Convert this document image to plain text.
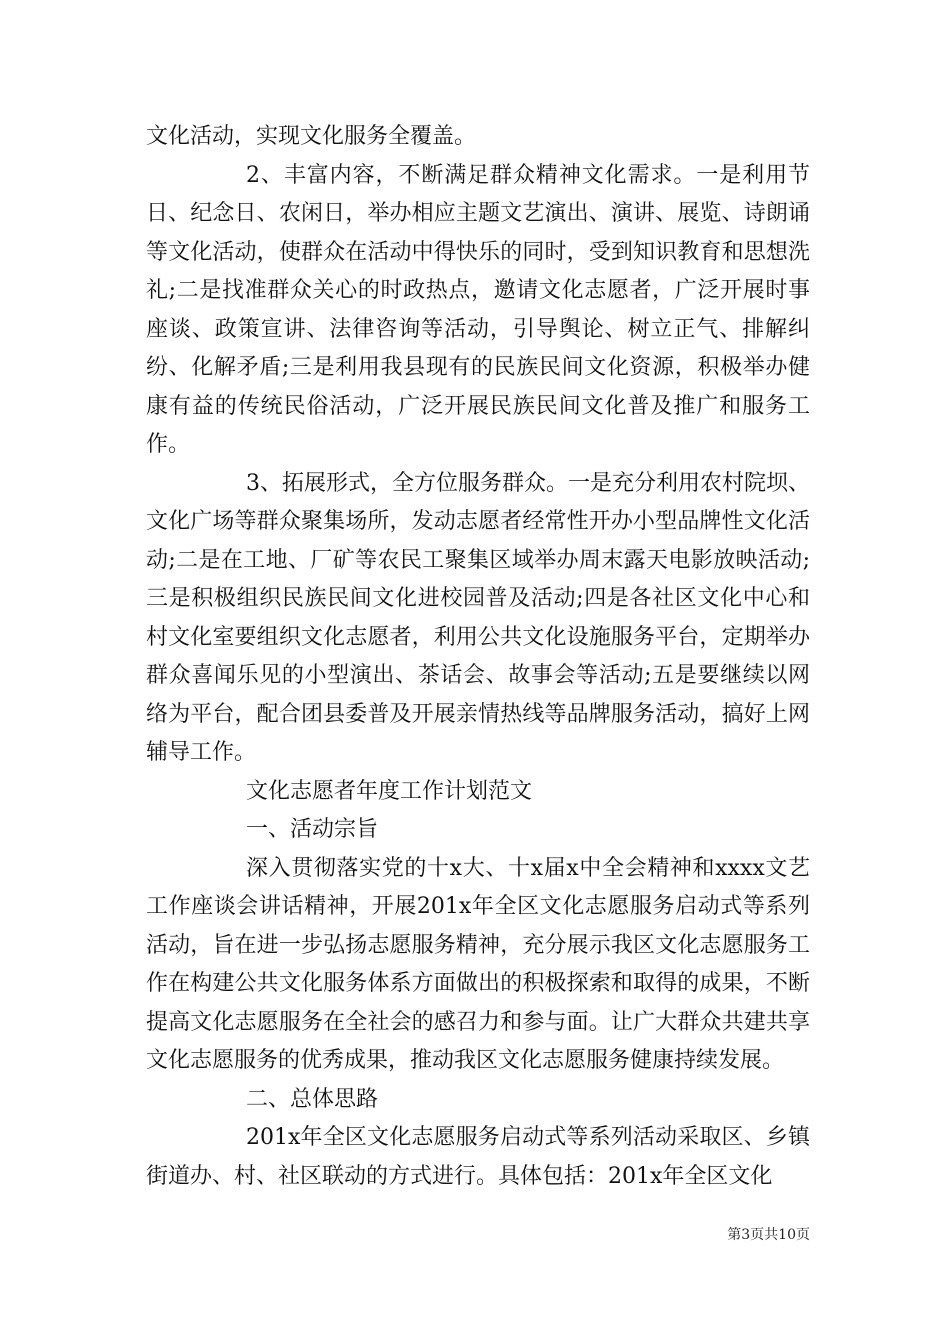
文化活动，实现文化服务全覆盖。

2、丰富内容，不断满足群众精神文化需求。一是利用节日、纪念日、农闲日，举办相应主题文艺演出、演讲、展览、诗朗诵等文化活动，使群众在活动中得快乐的同时，受到知识教育和思想洗礼;二是找准群众关心的时政热点，邀请文化志愿者，广泛开展时事座谈、政策宣讲、法律咨询等活动，引导舆论、树立正气、排解纠纷、化解矛盾;三是利用我县现有的民族民间文化资源，积极举办健康有益的传统民俗活动，广泛开展民族民间文化普及推广和服务工作。

3、拓展形式，全方位服务群众。一是充分利用农村院坝、文化广场等群众聚集场所，发动志愿者经常性开办小型品牌性文化活动;二是在工地、厂矿等农民工聚集区域举办周末露天电影放映活动;三是积极组织民族民间文化进校园普及活动;四是各社区文化中心和村文化室要组织文化志愿者，利用公共文化设施服务平台，定期举办群众喜闻乐见的小型演出、茶话会、故事会等活动;五是要继续以网络为平台，配合团县委普及开展亲情热线等品牌服务活动，搞好上网辅导工作。

文化志愿者年度工作计划范文

一、活动宗旨

深入贯彻落实党的十x大、十x届x中全会精神和xxxx文艺工作座谈会讲话精神，开展201x年全区文化志愿服务启动式等系列活动，旨在进一步弘扬志愿服务精神，充分展示我区文化志愿服务工作在构建公共文化服务体系方面做出的积极探索和取得的成果，不断提高文化志愿服务在全社会的感召力和参与面。让广大群众共建共享文化志愿服务的优秀成果，推动我区文化志愿服务健康持续发展。

二、总体思路

201x年全区文化志愿服务启动式等系列活动采取区、乡镇街道办、村、社区联动的方式进行。具体包括：201x年全区文化

第3页共10页
